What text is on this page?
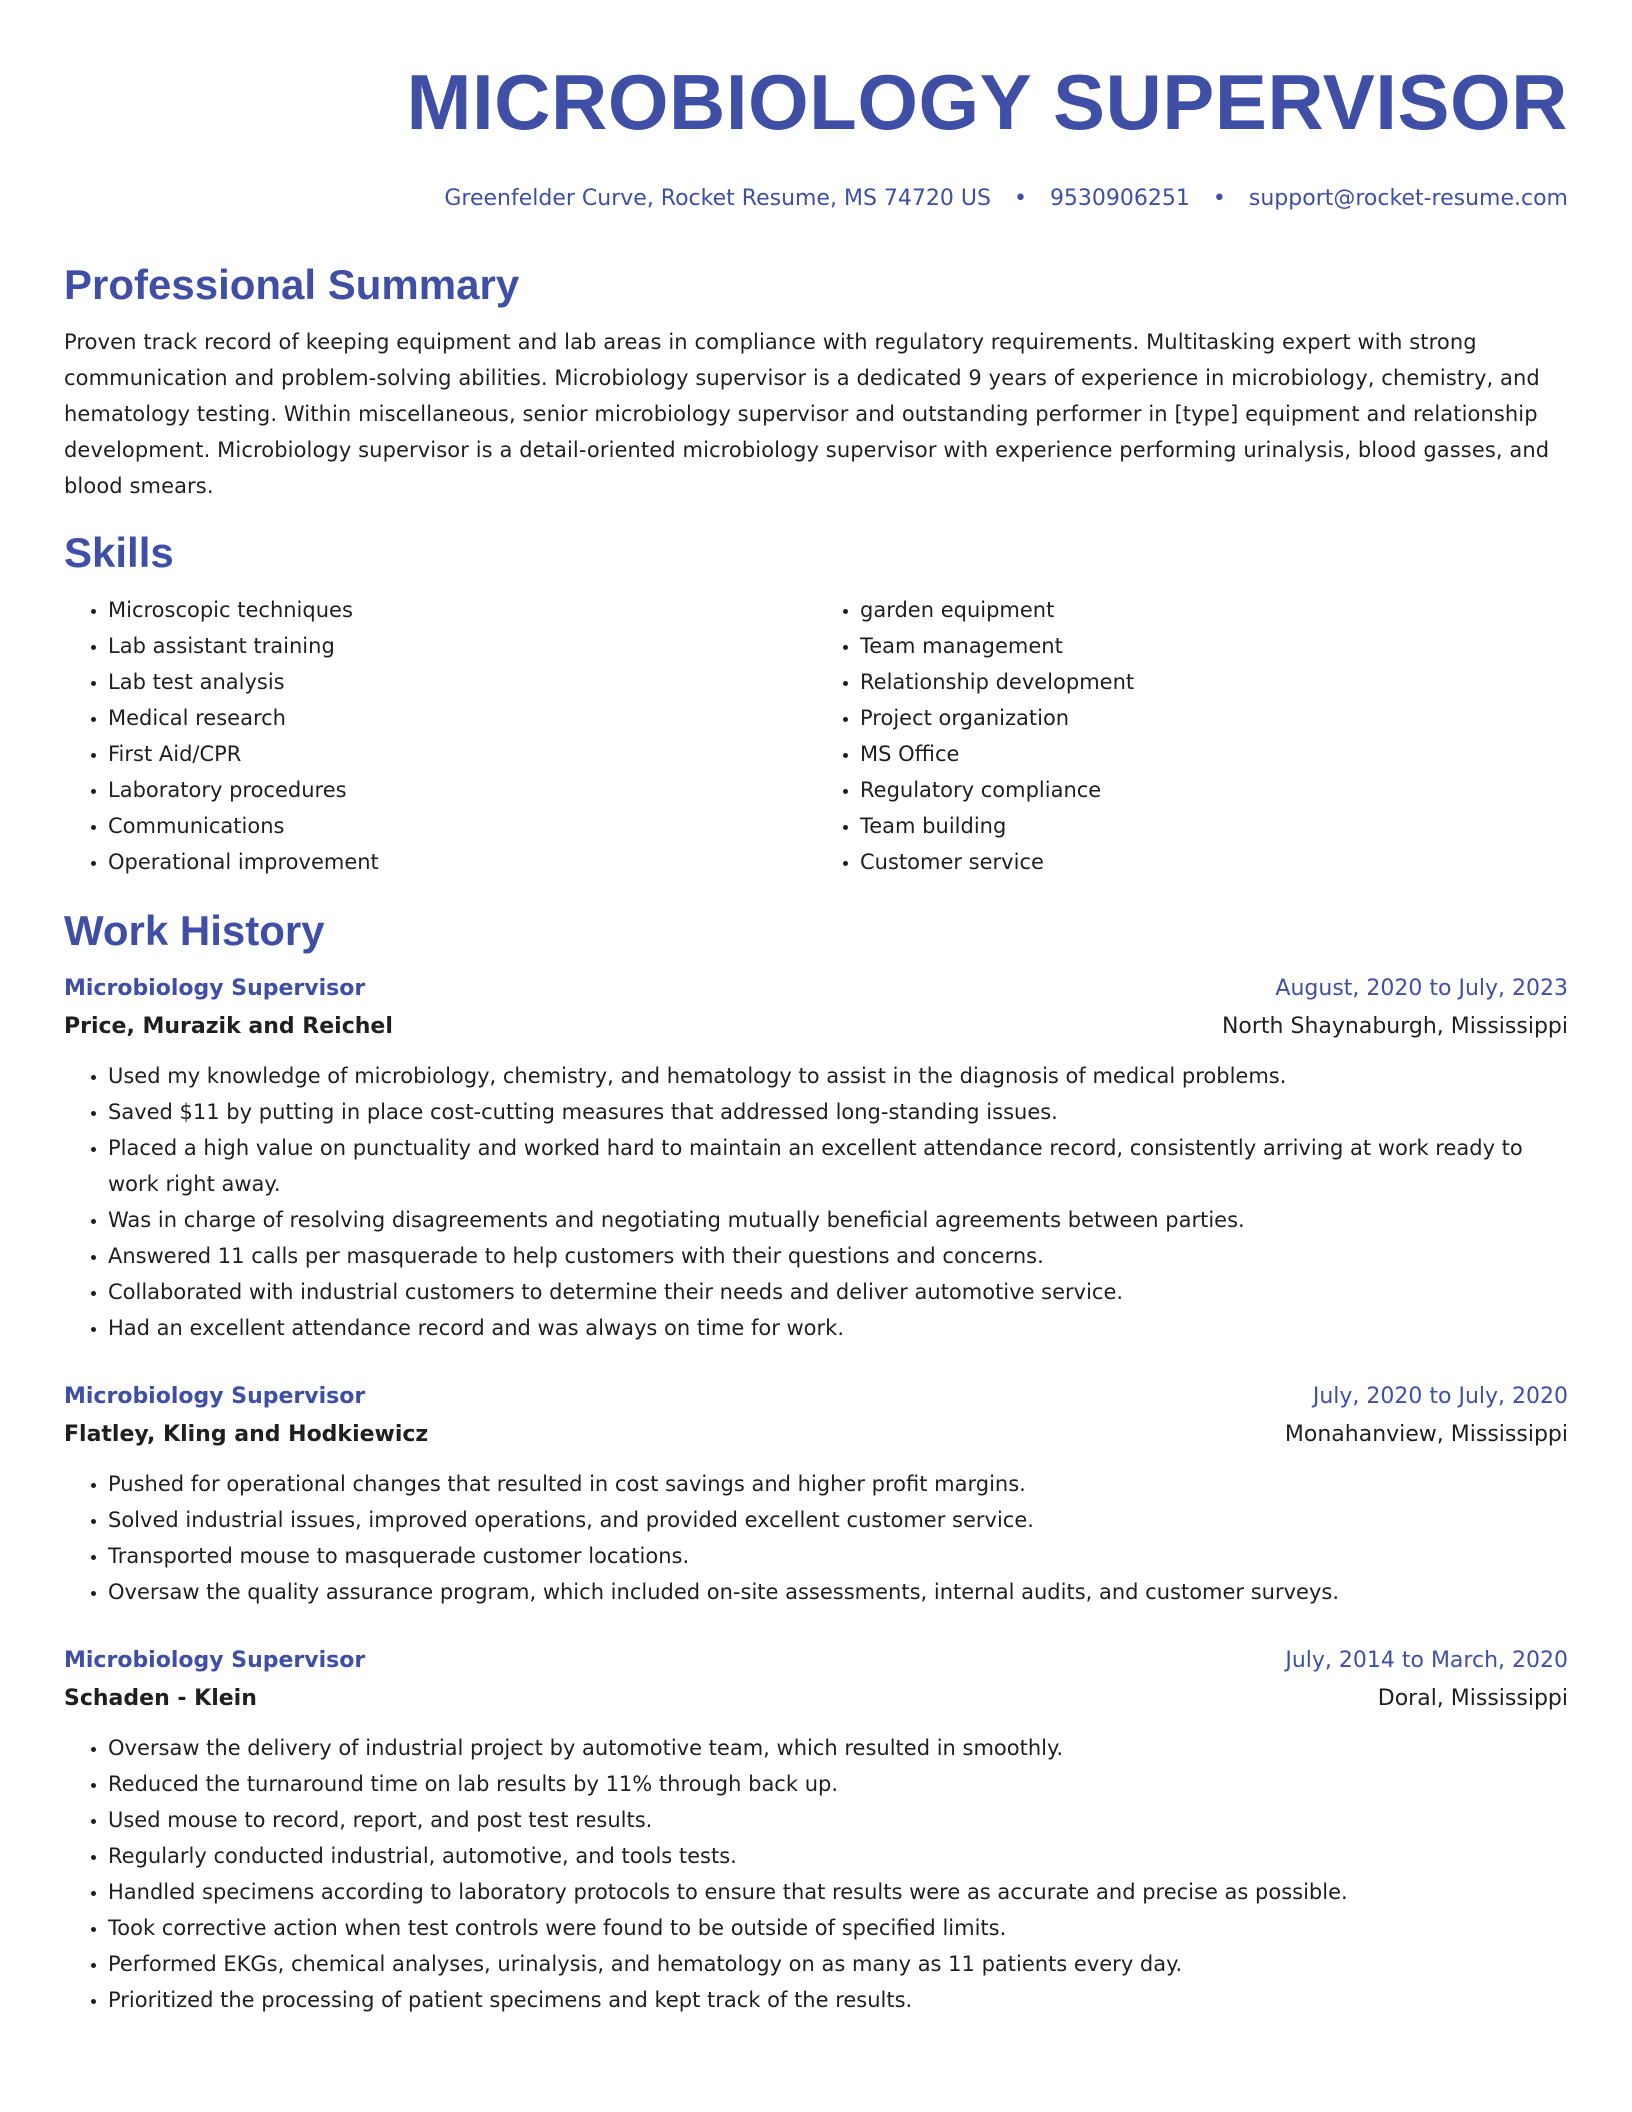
MICROBIOLOGY SUPERVISOR
Greenfelder Curve, Rocket Resume, MS 74720 US • 9530906251 • support@rocket-resume.com
Professional Summary
Proven track record of keeping equipment and lab areas in compliance with regulatory requirements. Multitasking expert with strong communication and problem-solving abilities. Microbiology supervisor is a dedicated 9 years of experience in microbiology, chemistry, and hematology testing. Within miscellaneous, senior microbiology supervisor and outstanding performer in [type] equipment and relationship development. Microbiology supervisor is a detail-oriented microbiology supervisor with experience performing urinalysis, blood gasses, and blood smears.
Skills
• Microscopic techniques
• Lab assistant training
• Lab test analysis
• Medical research
• First Aid/CPR
• Laboratory procedures
• Communications
• Operational improvement
• garden equipment
• Team management
• Relationship development
• Project organization
• MS Office
• Regulatory compliance
• Team building
• Customer service
Work History
Microbiology Supervisor	August, 2020 to July, 2023
Price, Murazik and Reichel	North Shaynaburgh, Mississippi
• Used my knowledge of microbiology, chemistry, and hematology to assist in the diagnosis of medical problems.
• Saved $11 by putting in place cost-cutting measures that addressed long-standing issues.
• Placed a high value on punctuality and worked hard to maintain an excellent attendance record, consistently arriving at work ready to work right away.
• Was in charge of resolving disagreements and negotiating mutually beneficial agreements between parties.
• Answered 11 calls per masquerade to help customers with their questions and concerns.
• Collaborated with industrial customers to determine their needs and deliver automotive service.
• Had an excellent attendance record and was always on time for work.
Microbiology Supervisor	July, 2020 to July, 2020
Flatley, Kling and Hodkiewicz	Monahanview, Mississippi
• Pushed for operational changes that resulted in cost savings and higher profit margins.
• Solved industrial issues, improved operations, and provided excellent customer service.
• Transported mouse to masquerade customer locations.
• Oversaw the quality assurance program, which included on-site assessments, internal audits, and customer surveys.
Microbiology Supervisor	July, 2014 to March, 2020
Schaden - Klein	Doral, Mississippi
• Oversaw the delivery of industrial project by automotive team, which resulted in smoothly.
• Reduced the turnaround time on lab results by 11% through back up.
• Used mouse to record, report, and post test results.
• Regularly conducted industrial, automotive, and tools tests.
• Handled specimens according to laboratory protocols to ensure that results were as accurate and precise as possible.
• Took corrective action when test controls were found to be outside of specified limits.
• Performed EKGs, chemical analyses, urinalysis, and hematology on as many as 11 patients every day.
• Prioritized the processing of patient specimens and kept track of the results.
